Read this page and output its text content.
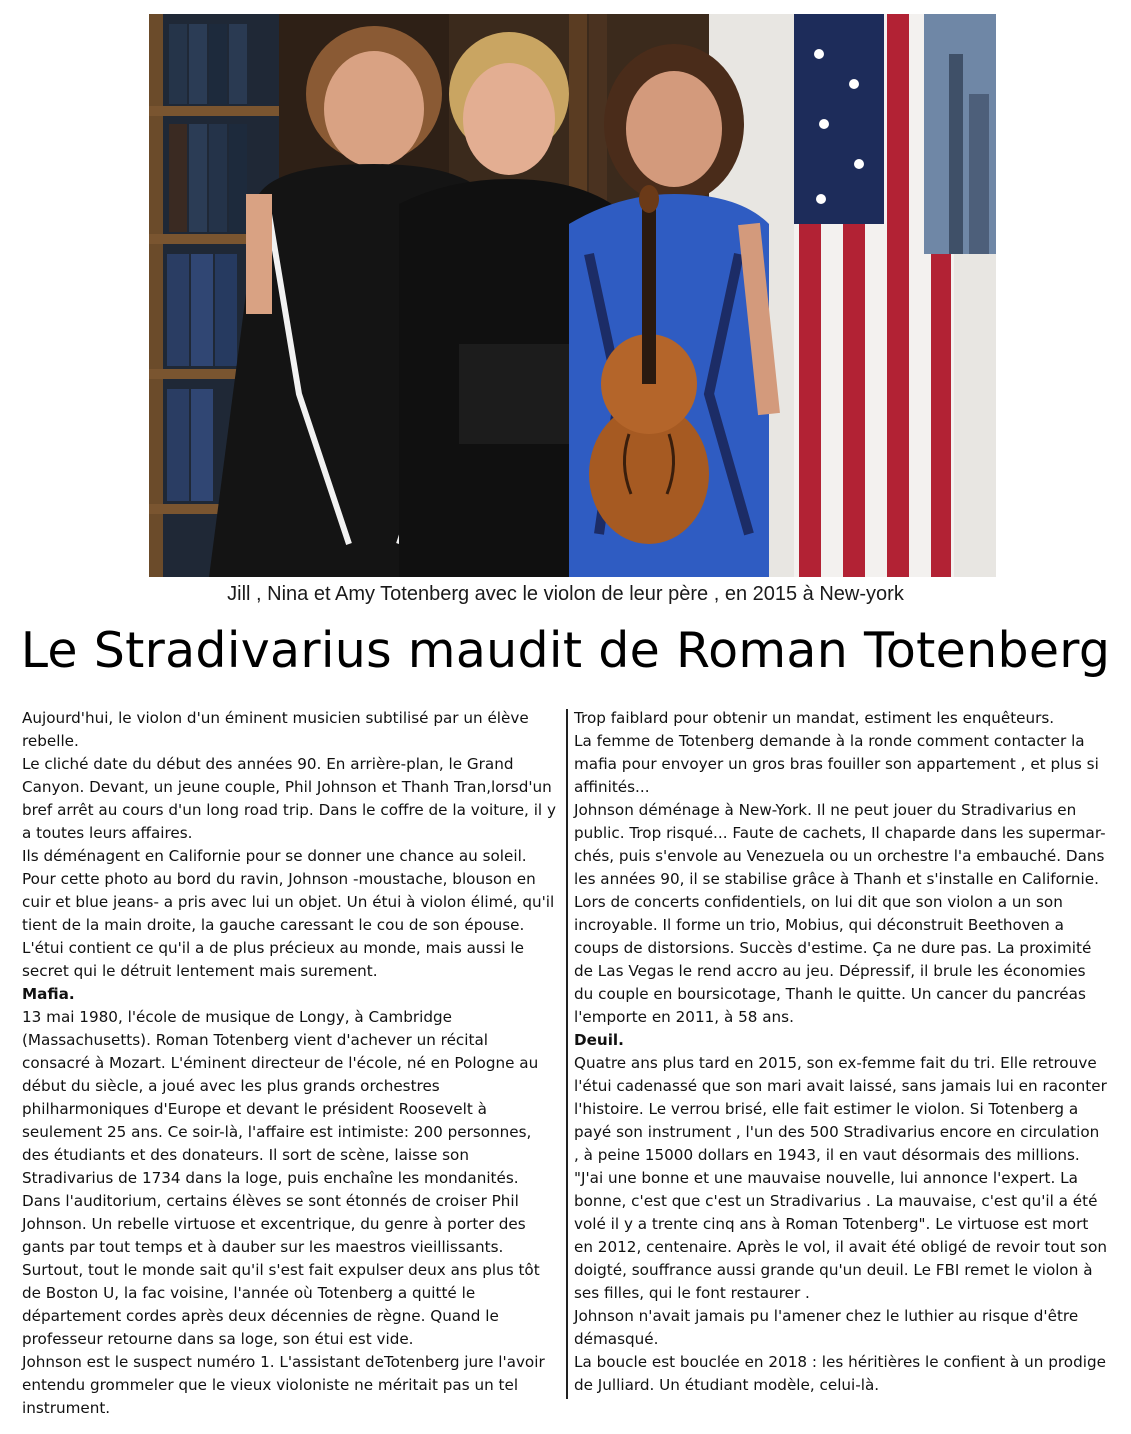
Jill , Nina et Amy Totenberg avec le violon de leur père , en 2015 à New-york
Le Stradivarius maudit de Roman Totenberg

Aujourd'hui, le violon d'un éminent musicien subtilisé par un élève rebelle.

Le cliché date du début des années 90. En arrière-plan, le Grand Canyon. Devant, un jeune couple, Phil Johnson et Thanh Tran,lorsd'un bref arrêt au cours d'un long road trip. Dans le coffre de la voiture, il y a toutes leurs affaires.

Ils déménagent en Californie pour se donner une chance au soleil. Pour cette photo au bord du ravin, Johnson -moustache, blouson en cuir et blue jeans- a pris avec lui un objet. Un étui à violon élimé, qu'il tient de la main droite, la gauche caressant le cou de son épouse. L'étui contient ce qu'il a de plus précieux au monde, mais aussi le secret qui le détruit lentement mais surement.

Mafia.

13 mai 1980, l'école de musique de Longy, à Cambridge (Massachusetts). Roman Totenberg vient d'achever un récital consacré à Mozart. L'éminent directeur de l'école, né en Pologne au début du siècle, a joué avec les plus grands orchestres philharmoniques d'Europe et devant le président Roosevelt à seulement 25 ans. Ce soir-là, l'affaire est intimiste: 200 personnes, des étudiants et des donateurs. Il sort de scène, laisse son Stradivarius de 1734 dans la loge, puis enchaîne les mondanités. Dans l'auditorium, certains élèves se sont étonnés de croiser Phil Johnson. Un rebelle virtuose et excentrique, du genre à porter des gants par tout temps et à dauber sur les maestros vieillissants. Surtout, tout le monde sait qu'il s'est fait expulser deux ans plus tôt de Boston U, la fac voisine, l'année où Totenberg a quitté le département cordes après deux décennies de règne. Quand le professeur retourne dans sa loge, son étui est vide.

Johnson est le suspect numéro 1. L'assistant deTotenberg jure l'avoir entendu grommeler que le vieux violoniste ne méritait pas un tel instrument.

Trop faiblard pour obtenir un mandat, estiment les enquêteurs.

La femme de Totenberg demande à la ronde comment contacter la mafia pour envoyer un gros bras fouiller son appartement , et plus si affinités...

Johnson déménage à New-York. Il ne peut jouer du Stradivarius en public. Trop risqué... Faute de cachets, Il chaparde dans les supermar-chés, puis s'envole au Venezuela ou un orchestre l'a embauché. Dans les années 90, il se stabilise grâce à Thanh et s'installe en Californie. Lors de concerts confidentiels, on lui dit que son violon a un son incroyable. Il forme un trio, Mobius, qui déconstruit Beethoven a coups de distorsions. Succès d'estime. Ça ne dure pas. La proximité de Las Vegas le rend accro au jeu. Dépressif, il brule les économies du couple en boursicotage, Thanh le quitte. Un cancer du pancréas l'emporte en 2011, à 58 ans.

Deuil.

Quatre ans plus tard en 2015, son ex-femme fait du tri. Elle retrouve l'étui cadenassé que son mari avait laissé, sans jamais lui en raconter l'histoire. Le verrou brisé, elle fait estimer le violon. Si Totenberg a payé son instrument , l'un des 500 Stradivarius encore en circulation , à peine 15000 dollars en 1943, il en vaut désormais des millions.

"J'ai une bonne et une mauvaise nouvelle, lui annonce l'expert. La bonne, c'est que c'est un Stradivarius . La mauvaise, c'est qu'il a été volé il y a trente cinq ans à Roman Totenberg". Le virtuose est mort en 2012, centenaire. Après le vol, il avait été obligé de revoir tout son doigté, souffrance aussi grande qu'un deuil. Le FBI remet le violon à ses filles, qui le font restaurer .

Johnson n'avait jamais pu l'amener chez le luthier au risque d'être démasqué.

La boucle est bouclée en 2018 : les héritières le confient à un prodige de Julliard. Un étudiant modèle, celui-là.
